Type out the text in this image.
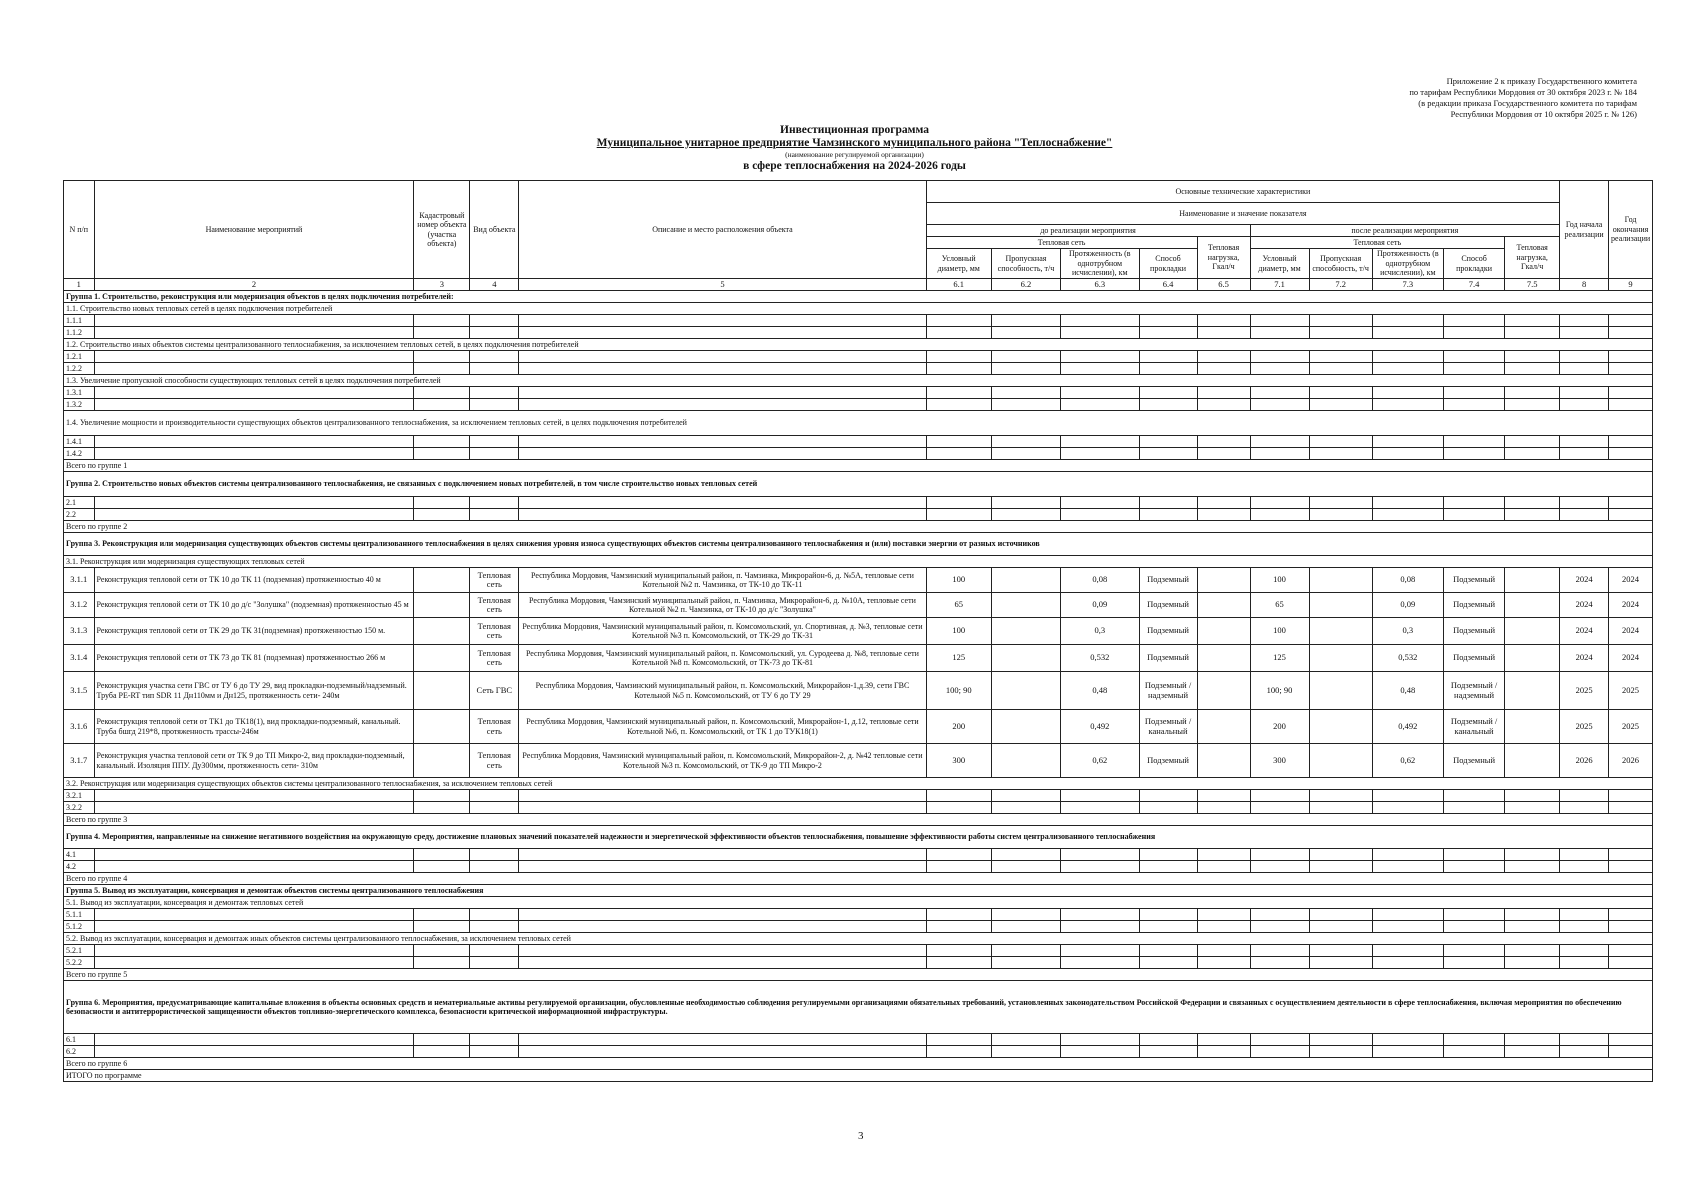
Приложение 2 к приказу Государственного комитета
по тарифам Республики Мордовия от 30 октября 2023 г. № 184
(в редакции приказа Государственного комитета по тарифам
Республики Мордовия от 10 октября 2025 г. № 126)
Инвестиционная программа
Муниципальное унитарное предприятие Чамзинского муниципального района "Теплоснабжение"
(наименование регулируемой организации)
в сфере теплоснабжения на 2024-2026 годы
N п/п	Наименование мероприятий	Кадастровый номер объекта (участка объекта)	Вид объекта	Описание и место расположения объекта	Основные технические характеристики										Год начала реализации	Год окончания реализации
					Наименование и значение показателя											
					до реализации мероприятия					после реализации мероприятия						
					Тепловая сеть				Тепловая нагрузка, Гкал/ч	Тепловая сеть				Тепловая нагрузка, Гкал/ч		
					Условный диаметр, мм	Пропускная способность, т/ч	Протяженность (в однотрубном исчислении), км	Способ прокладки		Условный диаметр, мм	Пропускная способность, т/ч	Протяженность (в однотрубном исчислении), км	Способ прокладки			
1	2	3	4	5	6.1	6.2	6.3	6.4	6.5	7.1	7.2	7.3	7.4	7.5	8	9
Группа 1. Строительство, реконструкция или модернизация объектов в целях подключения потребителей:																
1.1. Строительство новых тепловых сетей в целях подключения потребителей																
1.1.1																
1.1.2																
1.2. Строительство иных объектов системы централизованного теплоснабжения, за исключением тепловых сетей, в целях подключения потребителей																
1.2.1																
1.2.2																
1.3. Увеличение пропускной способности существующих тепловых сетей в целях подключения потребителей																
1.3.1																
1.3.2																
1.4. Увеличение мощности и производительности существующих объектов централизованного теплоснабжения, за исключением тепловых сетей, в целях подключения потребителей																
1.4.1																
1.4.2																
Всего по группе 1																
Группа 2. Строительство новых объектов системы централизованного теплоснабжения, не связанных с подключением новых потребителей, в том числе строительство новых тепловых сетей																
2.1																
2.2																
Всего по группе 2																
Группа 3. Реконструкция или модернизация существующих объектов системы централизованного теплоснабжения в целях снижения уровня износа существующих объектов системы централизованного теплоснабжения и (или) поставки энергии от разных источников																
3.1. Реконструкция или модернизация существующих тепловых сетей																
3.1.1	Реконструкция тепловой сети от ТК 10 до ТК 11 (подземная) протяженностью 40 м		Тепловая сеть	Республика Мордовия, Чамзинский муниципальный район, п. Чамзинка, Микрорайон-6, д. №5А, тепловые сети Котельной №2 п. Чамзинка, от ТК-10 до ТК-11	100		0,08	Подземный		100		0,08	Подземный		2024	2024
3.1.2	Реконструкция тепловой сети от ТК 10 до д/с "Золушка" (подземная) протяженностью 45 м		Тепловая сеть	Республика Мордовия, Чамзинский муниципальный район, п. Чамзинка, Микрорайон-6, д. №10А, тепловые сети Котельной №2 п. Чамзинка, от ТК-10 до д/с "Золушка"	65		0,09	Подземный		65		0,09	Подземный		2024	2024
3.1.3	Реконструкция тепловой сети от ТК 29 до ТК 31(подземная) протяженностью 150 м.		Тепловая сеть	Республика Мордовия, Чамзинский муниципальный район, п. Комсомольский, ул. Спортивная, д. №3, тепловые сети Котельной №3 п. Комсомольский, от ТК-29 до ТК-31	100		0,3	Подземный		100		0,3	Подземный		2024	2024
3.1.4	Реконструкция тепловой сети от ТК 73 до ТК 81 (подземная) протяженностью 266 м		Тепловая сеть	Республика Мордовия, Чамзинский муниципальный район, п. Комсомольский, ул. Суродеева д. №8, тепловые сети Котельной №8 п. Комсомольский, от ТК-73 до ТК-81	125		0,532	Подземный		125		0,532	Подземный		2024	2024
3.1.5	Реконструкция участка сети ГВС от ТУ 6 до ТУ 29, вид прокладки-подземный/надземный. Труба PE-RT тип SDR 11 Дн110мм и Дн125, протяженность сети- 240м		Сеть ГВС	Республика Мордовия, Чамзинский муниципальный район, п. Комсомольский, Микрорайон-1,д.39, сети ГВС Котельной №5 п. Комсомольский, от ТУ 6 до ТУ 29	100; 90		0,48	Подземный / надземный		100; 90		0,48	Подземный / надземный		2025	2025
3.1.6	Реконструкция тепловой сети от ТК1 до ТК18(1), вид прокладки-подземный, канальный. Труба бшгд 219*8, протяженность трассы-246м		Тепловая сеть	Республика Мордовия, Чамзинский муниципальный район, п. Комсомольский, Микрорайон-1, д.12, тепловые сети Котельной №6, п. Комсомольский, от ТК 1 до ТУК18(1)	200		0,492	Подземный / канальный		200		0,492	Подземный / канальный		2025	2025
3.1.7	Реконструкция участка тепловой сети от ТК 9 до ТП Микро-2, вид прокладки-подземный, канальный. Изоляция ППУ. Ду300мм, протяженность сети- 310м		Тепловая сеть	Республика Мордовия, Чамзинский муниципальный район, п. Комсомольский, Микрорайон-2, д. №42 тепловые сети Котельной №3 п. Комсомольский, от ТК-9 до ТП Микро-2	300		0,62	Подземный		300		0,62	Подземный		2026	2026
3.2. Реконструкция или модернизация существующих объектов системы централизованного теплоснабжения, за исключением тепловых сетей																
3.2.1																
3.2.2																
Всего по группе 3																
Группа 4. Мероприятия, направленные на снижение негативного воздействия на окружающую среду, достижение плановых значений показателей надежности и энергетической эффективности объектов теплоснабжения, повышение эффективности работы систем централизованного теплоснабжения																
4.1																
4.2																
Всего по группе 4																
Группа 5. Вывод из эксплуатации, консервация и демонтаж объектов системы централизованного теплоснабжения																
5.1. Вывод из эксплуатации, консервация и демонтаж тепловых сетей																
5.1.1																
5.1.2																
5.2. Вывод из эксплуатации, консервация и демонтаж иных объектов системы централизованного теплоснабжения, за исключением тепловых сетей																
5.2.1																
5.2.2																
Всего по группе 5																
Группа 6. Мероприятия, предусматривающие капитальные вложения в объекты основных средств и нематериальные активы регулируемой организации, обусловленные необходимостью соблюдения регулируемыми организациями обязательных требований, установленных законодательством Российской Федерации и связанных с осуществлением деятельности в сфере теплоснабжения, включая мероприятия по обеспечению безопасности и антитеррористической защищенности объектов топливно-энергетического комплекса, безопасности критической информационной инфраструктуры.																
6.1																
6.2																
Всего по группе 6																
ИТОГО по программе																
3
